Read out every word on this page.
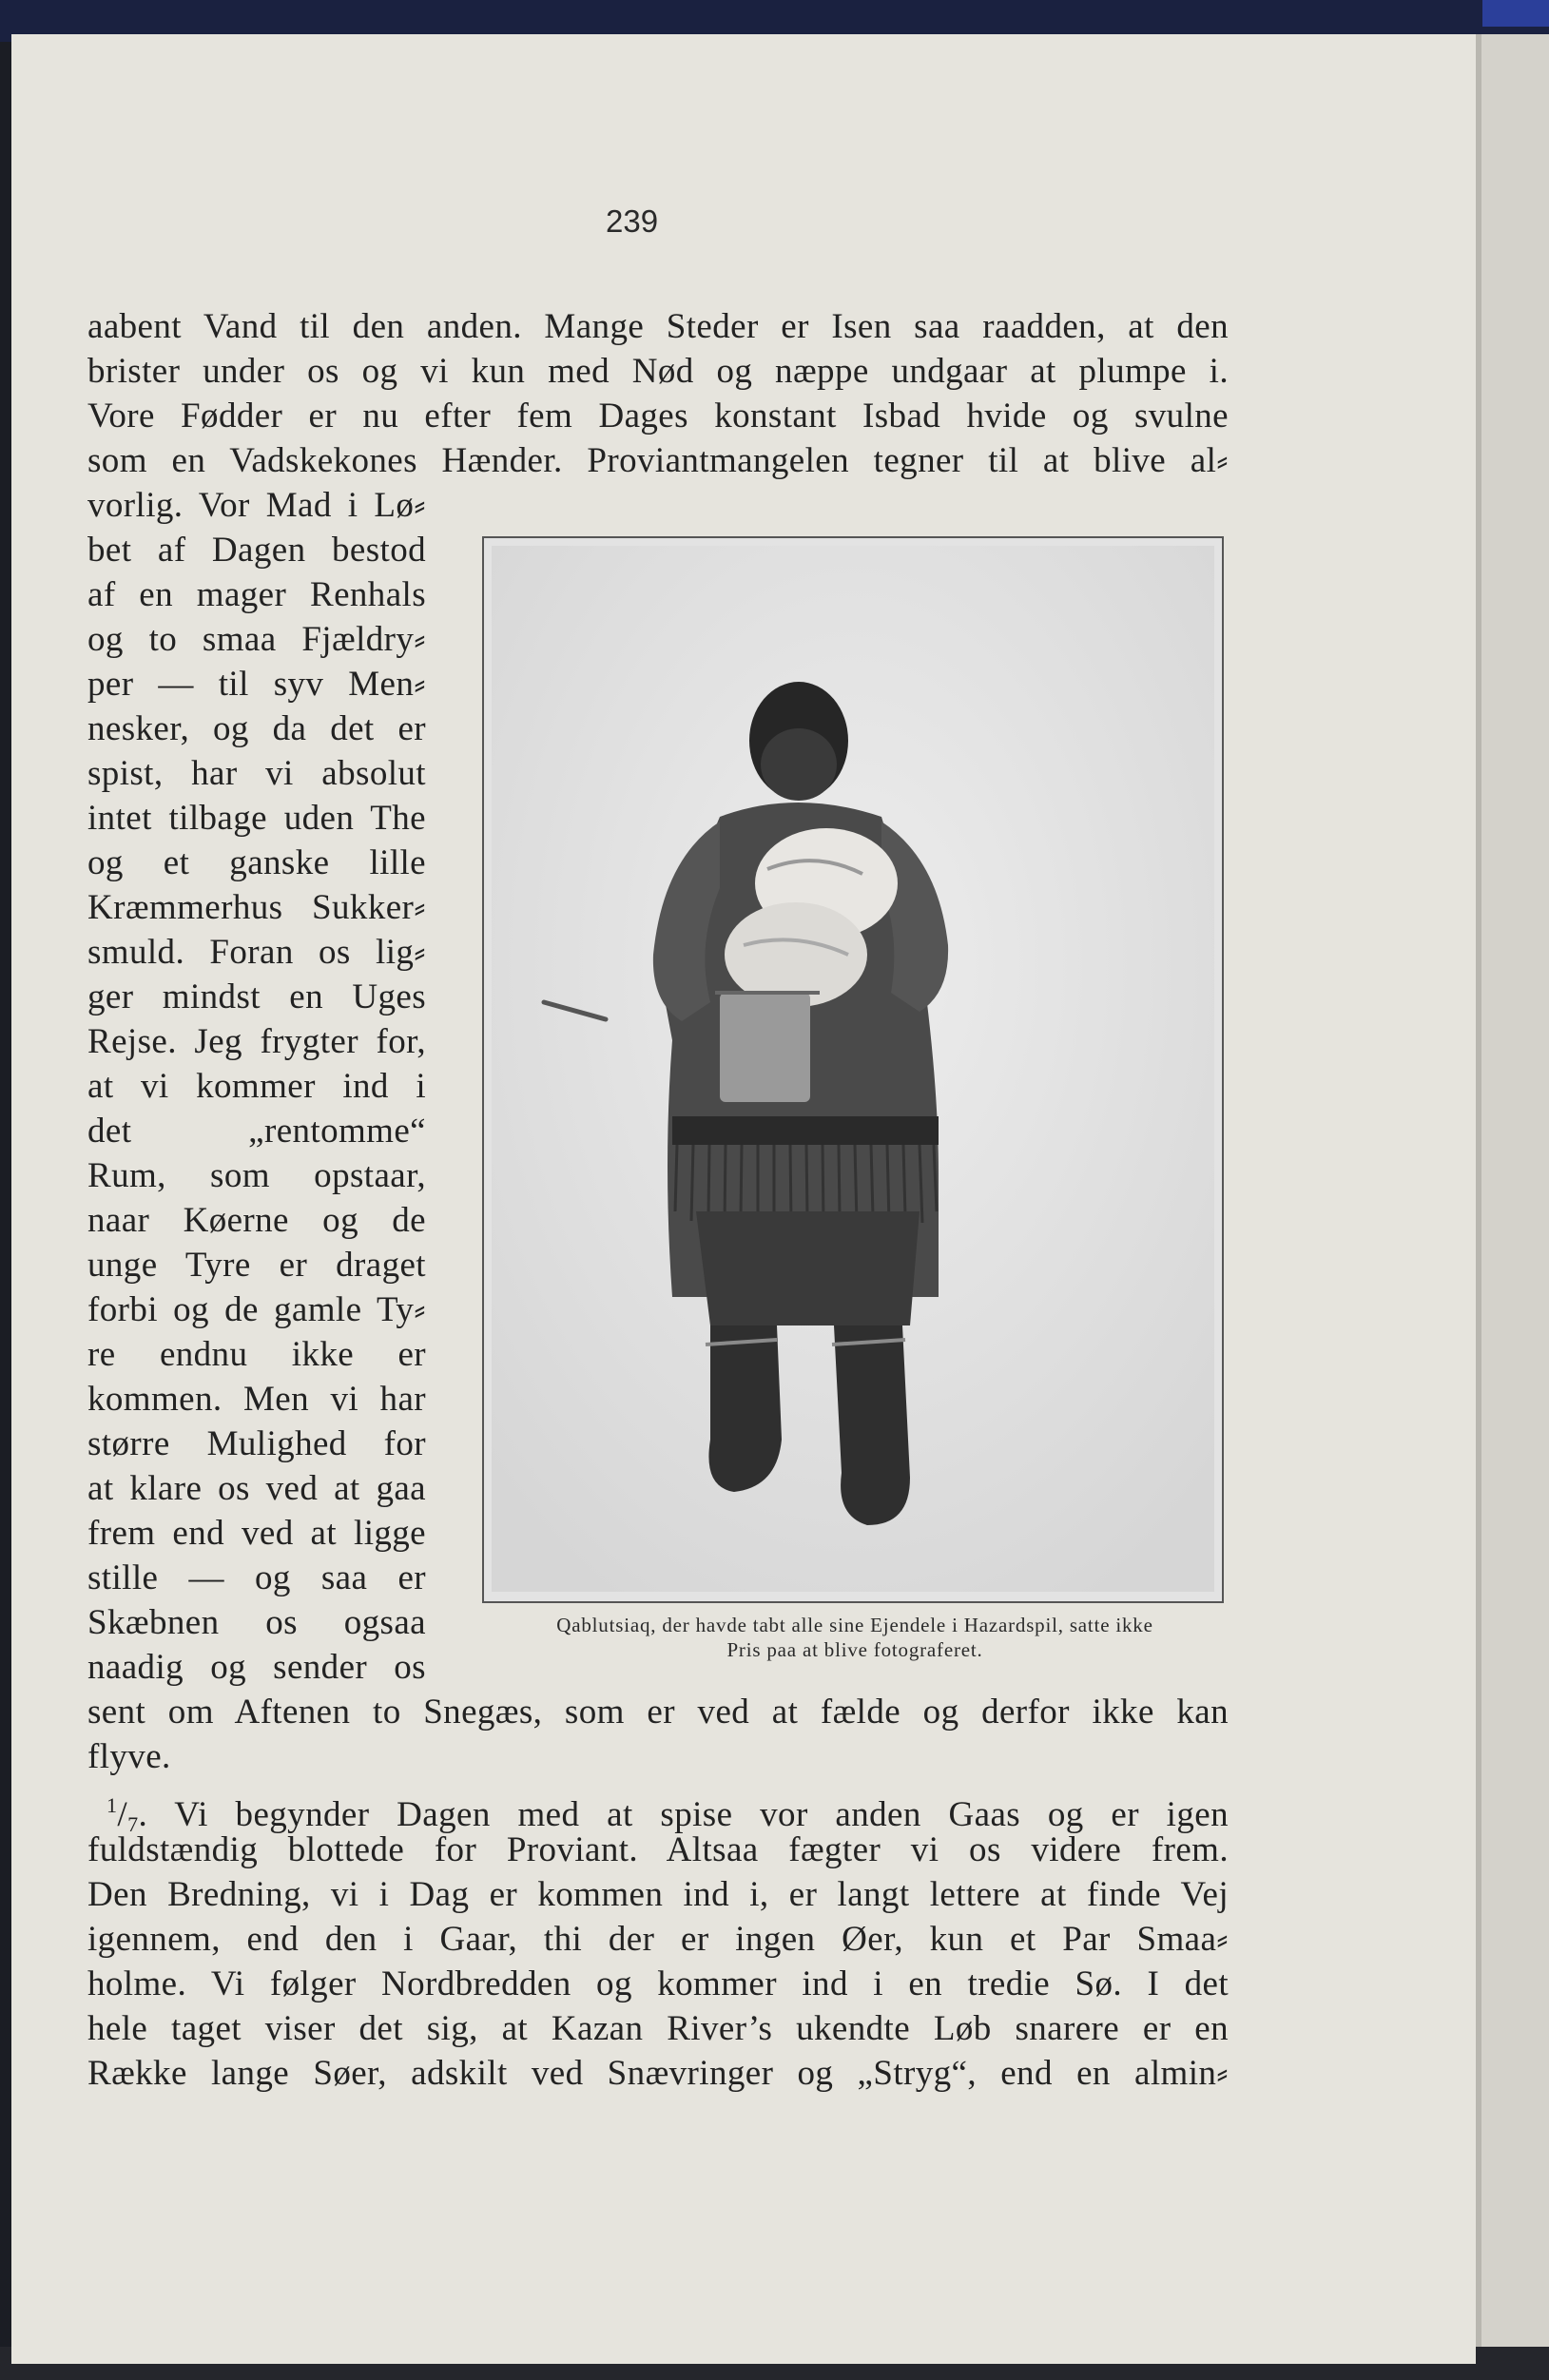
239
aabent Vand til den anden. Mange Steder er Isen saa raadden, at den
brister under os og vi kun med Nød og næppe undgaar at plumpe i.
Vore Fødder er nu efter fem Dages konstant Isbad hvide og svulne
som en Vadskekones Hænder. Proviantmangelen tegner til at blive al⸗
vorlig. Vor Mad i Lø⸗
bet af Dagen bestod
af en mager Renhals
og to smaa Fjældry⸗
per — til syv Men⸗
nesker, og da det er
spist, har vi absolut
intet tilbage uden The
og et ganske lille
Kræmmerhus Sukker⸗
smuld. Foran os lig⸗
ger mindst en Uges
Rejse. Jeg frygter for,
at vi kommer ind i
det „rentomme“
Rum, som opstaar,
naar Køerne og de
unge Tyre er draget
forbi og de gamle Ty⸗
re endnu ikke er
kommen. Men vi har
større Mulighed for
at klare os ved at gaa
frem end ved at ligge
stille — og saa er
Skæbnen os ogsaa
naadig og sender os
sent om Aftenen to Snegæs, som er ved at fælde og derfor ikke kan
flyve.
$^1/_7$. Vi begynder Dagen med at spise vor anden Gaas og er igen
fuldstændig blottede for Proviant. Altsaa fægter vi os videre frem.
Den Bredning, vi i Dag er kommen ind i, er langt lettere at finde Vej
igennem, end den i Gaar, thi der er ingen Øer, kun et Par Smaa⸗
holme. Vi følger Nordbredden og kommer ind i en tredie Sø. I det
hele taget viser det sig, at Kazan River’s ukendte Løb snarere er en
Række lange Søer, adskilt ved Snævringer og „Stryg“, end en almin⸗
Qablutsiaq, der havde tabt alle sine Ejendele i Hazardspil, satte ikke
Pris paa at blive fotograferet.
